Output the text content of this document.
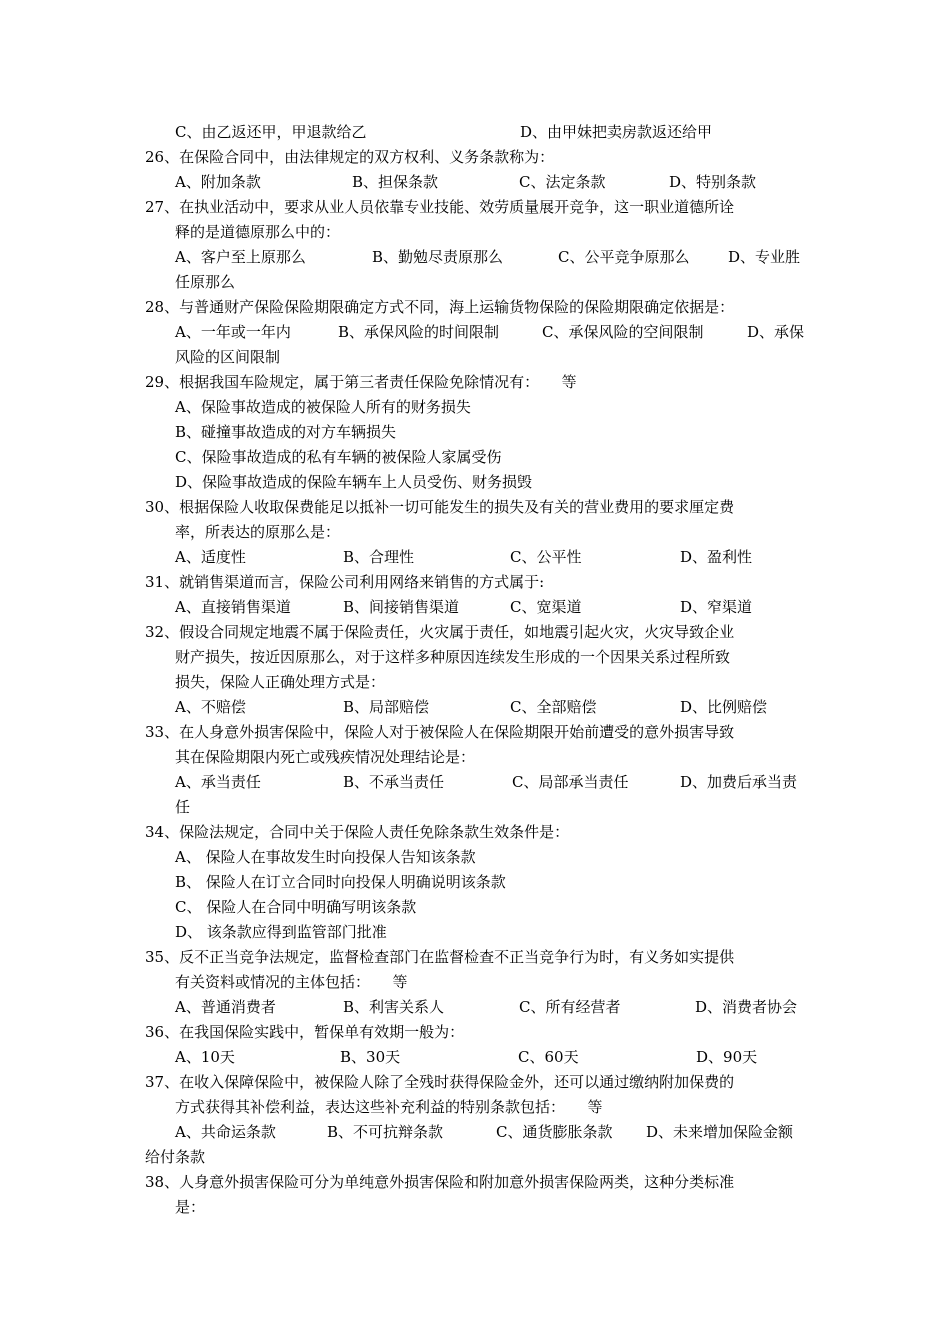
C、由乙返还甲，甲退款给乙	D、由甲妹把卖房款返还给甲
26、在保险合同中，由法律规定的双方权利、义务条款称为：
A、附加条款	B、担保条款	C、法定条款	D、特别条款
27、在执业活动中，要求从业人员依靠专业技能、效劳质量展开竞争，这一职业道德所诠
释的是道德原那么中的：
A、客户至上原那么	B、勤勉尽责原那么	C、公平竞争原那么	D、专业胜
任原那么
28、与普通财产保险保险期限确定方式不同，海上运输货物保险的保险期限确定依据是：
A、一年或一年内	B、承保风险的时间限制	C、承保风险的空间限制	D、承保
风险的区间限制
29、根据我国车险规定，属于第三者责任保险免除情况有：　　等
A、保险事故造成的被保险人所有的财务损失
B、碰撞事故造成的对方车辆损失
C、保险事故造成的私有车辆的被保险人家属受伤
D、保险事故造成的保险车辆车上人员受伤、财务损毁
30、根据保险人收取保费能足以抵补一切可能发生的损失及有关的营业费用的要求厘定费
率，所表达的原那么是：
A、适度性	B、合理性	C、公平性	D、盈利性
31、就销售渠道而言，保险公司利用网络来销售的方式属于:
A、直接销售渠道	B、间接销售渠道	C、宽渠道	D、窄渠道
32、假设合同规定地震不属于保险责任，火灾属于责任，如地震引起火灾，火灾导致企业
财产损失，按近因原那么，对于这样多种原因连续发生形成的一个因果关系过程所致
损失，保险人正确处理方式是：
A、不赔偿	B、局部赔偿	C、全部赔偿	D、比例赔偿
33、在人身意外损害保险中，保险人对于被保险人在保险期限开始前遭受的意外损害导致
其在保险期限内死亡或残疾情况处理结论是：
A、承当责任	B、不承当责任	C、局部承当责任	D、加费后承当责
任
34、保险法规定，合同中关于保险人责任免除条款生效条件是：
A、 保险人在事故发生时向投保人告知该条款
B、 保险人在订立合同时向投保人明确说明该条款
C、 保险人在合同中明确写明该条款
D、 该条款应得到监管部门批准
35、反不正当竞争法规定，监督检查部门在监督检查不正当竞争行为时，有义务如实提供
有关资料或情况的主体包括：　　等
A、普通消费者	B、利害关系人	C、所有经营者	D、消费者协会
36、在我国保险实践中，暂保单有效期一般为：
A、10天	B、30天	C、60天	D、90天
37、在收入保障保险中，被保险人除了全残时获得保险金外，还可以通过缴纳附加保费的
方式获得其补偿利益，表达这些补充利益的特别条款包括：　　等
A、共命运条款	B、不可抗辩条款	C、通货膨胀条款 D、未来增加保险金额
给付条款
38、人身意外损害保险可分为单纯意外损害保险和附加意外损害保险两类，这种分类标准
是：
